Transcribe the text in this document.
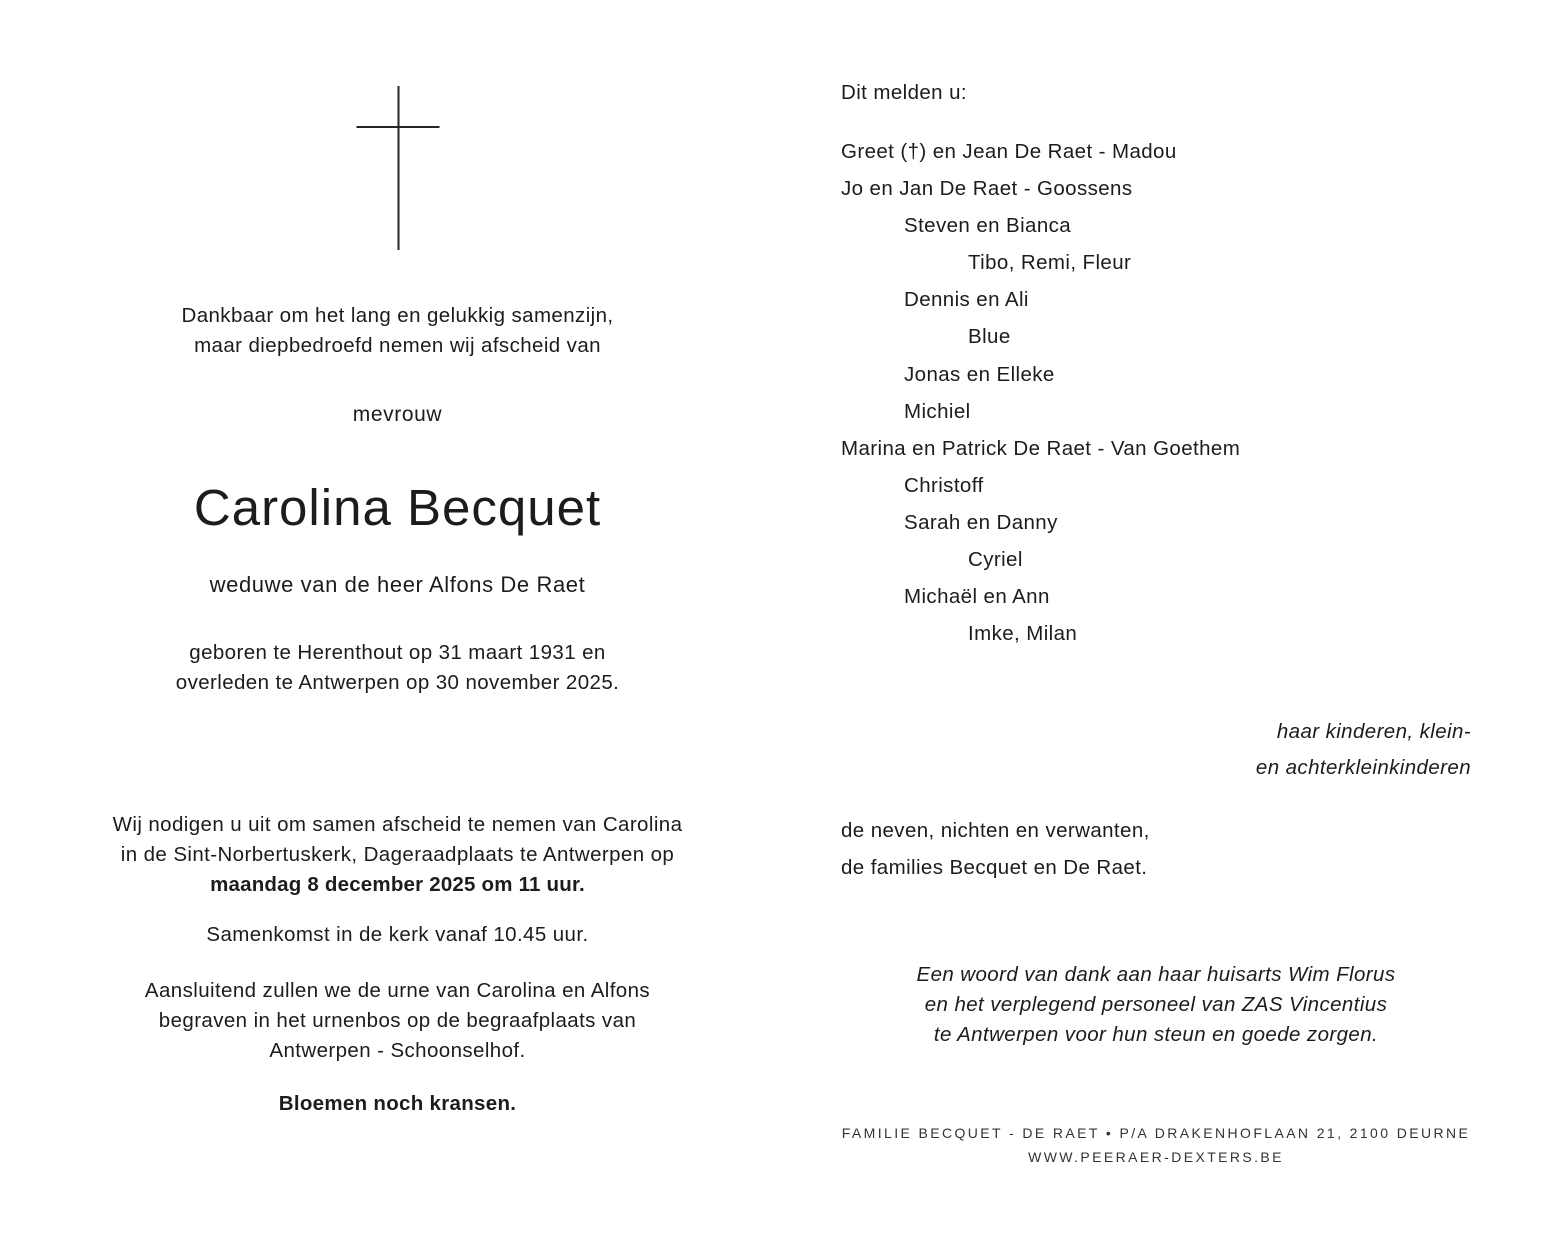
Dankbaar om het lang en gelukkig samenzijn,
maar diepbedroefd nemen wij afscheid van
mevrouw
Carolina Becquet
weduwe van de heer Alfons De Raet
geboren te Herenthout op 31 maart 1931 en
overleden te Antwerpen op 30 november 2025.
Wij nodigen u uit om samen afscheid te nemen van Carolina
in de Sint-Norbertuskerk, Dageraadplaats te Antwerpen op
maandag 8 december 2025 om 11 uur.
Samenkomst in de kerk vanaf 10.45 uur.
Aansluitend zullen we de urne van Carolina en Alfons
begraven in het urnenbos op de begraafplaats van
Antwerpen - Schoonselhof.
Bloemen noch kransen.
Dit melden u:
Greet (†) en Jean De Raet - Madou
Jo en Jan De Raet - Goossens
Steven en Bianca
Tibo, Remi, Fleur
Dennis en Ali
Blue
Jonas en Elleke
Michiel
Marina en Patrick De Raet - Van Goethem
Christoff
Sarah en Danny
Cyriel
Michaël en Ann
Imke, Milan
haar kinderen, klein-
en achterkleinkinderen
de neven, nichten en verwanten,
de families Becquet en De Raet.
Een woord van dank aan haar huisarts Wim Florus
en het verplegend personeel van ZAS Vincentius
te Antwerpen voor hun steun en goede zorgen.
FAMILIE BECQUET - DE RAET • P/A DRAKENHOFLAAN 21, 2100 DEURNE
WWW.PEERAER-DEXTERS.BE
